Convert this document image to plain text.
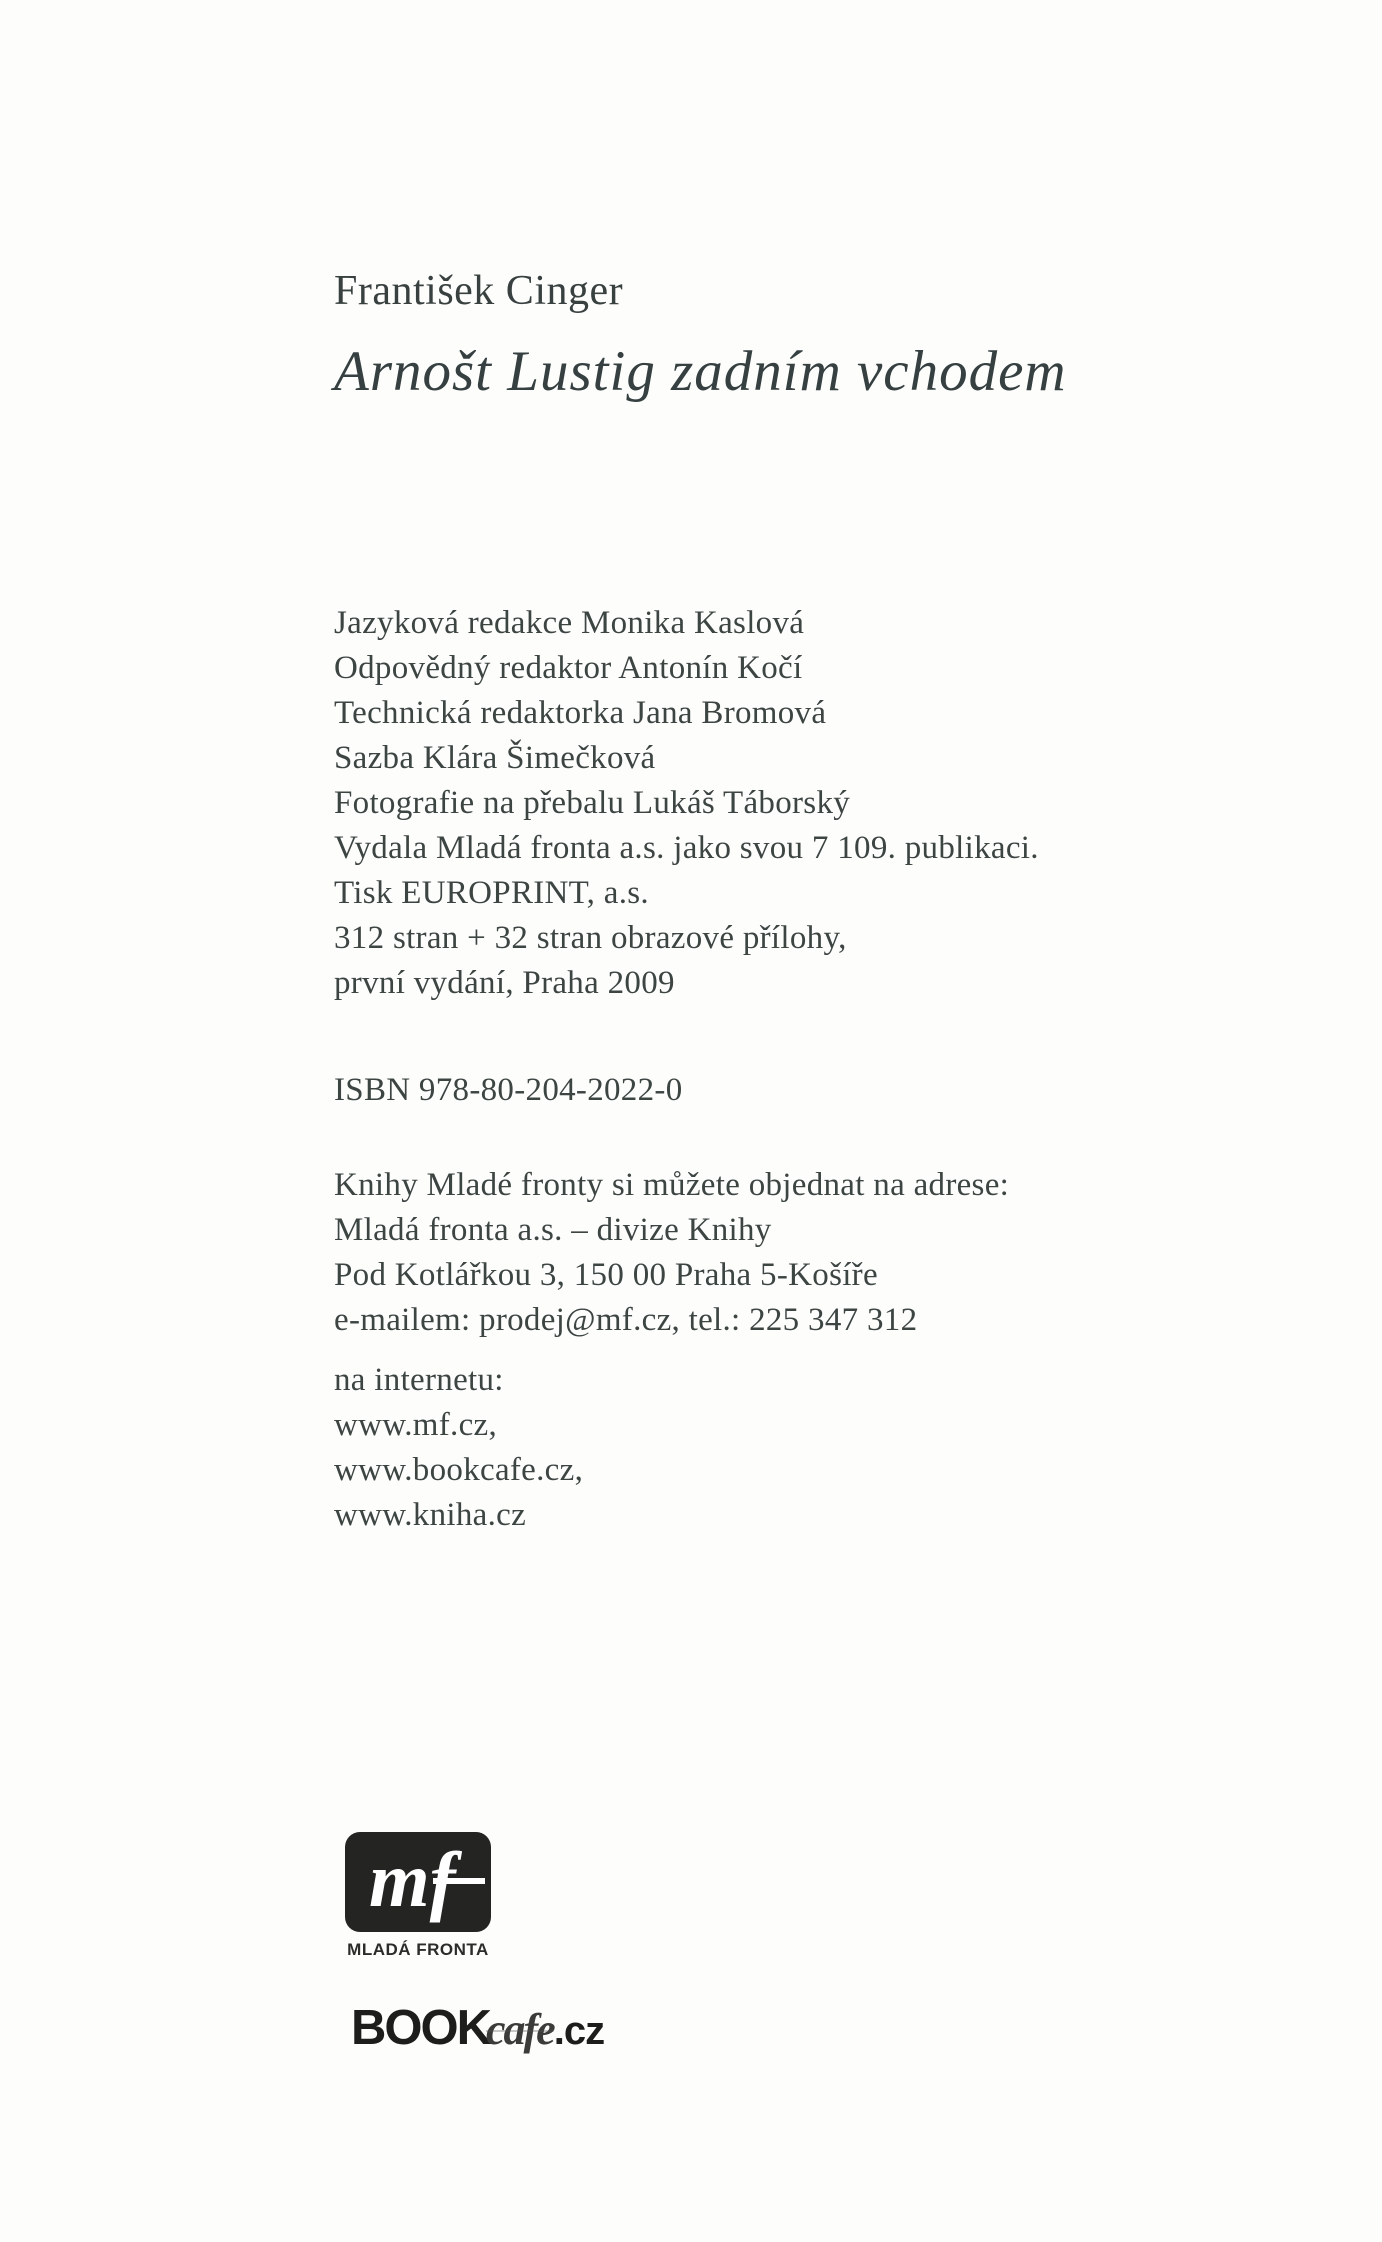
František Cinger
Arnošt Lustig zadním vchodem
Jazyková redakce Monika Kaslová
Odpovědný redaktor Antonín Kočí
Technická redaktorka Jana Bromová
Sazba Klára Šimečková
Fotografie na přebalu Lukáš Táborský
Vydala Mladá fronta a.s. jako svou 7 109. publikaci.
Tisk EUROPRINT, a.s.
312 stran + 32 stran obrazové přílohy,
první vydání, Praha 2009
ISBN 978-80-204-2022-0
Knihy Mladé fronty si můžete objednat na adrese:
Mladá fronta a.s. – divize Knihy
Pod Kotlářkou 3, 150 00 Praha 5-Košíře
e-mailem: prodej@mf.cz, tel.: 225 347 312
na internetu:
www.mf.cz,
www.bookcafe.cz,
www.kniha.cz
mf
MLADÁ FRONTA
BOOKcafe.cz
